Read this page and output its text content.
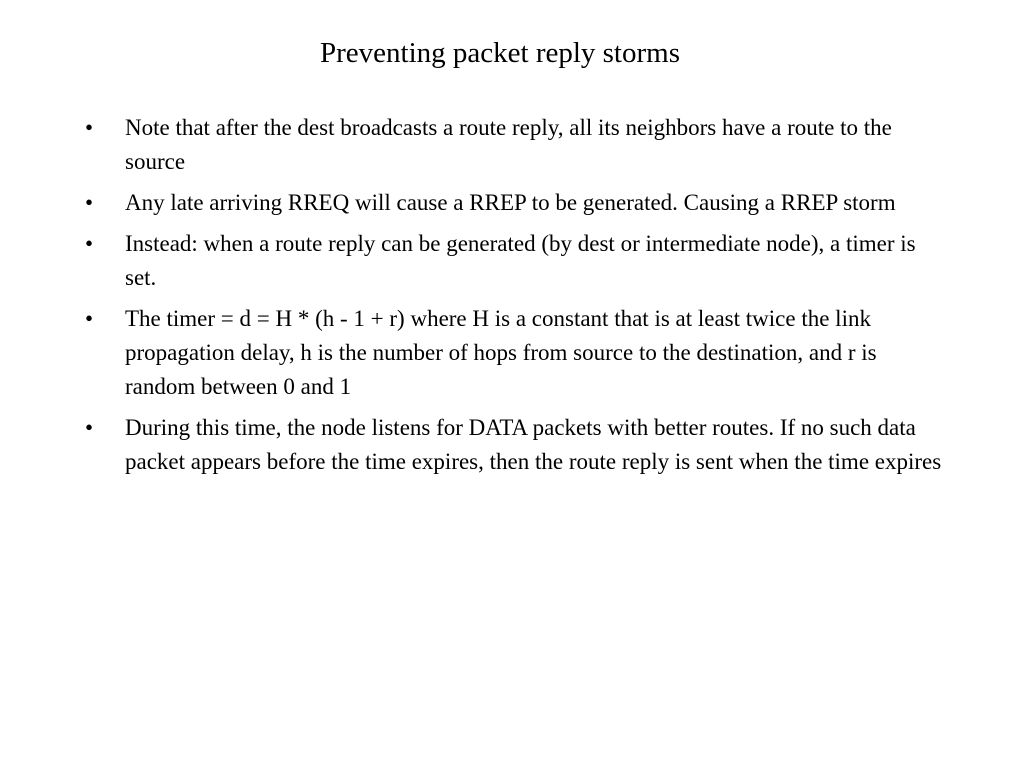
Preventing packet reply storms
•	Note that after the dest broadcasts a route reply, all its neighbors have a route to the source
•	Any late arriving RREQ will cause a RREP to be generated. Causing a RREP storm
•	Instead: when a route reply can be generated (by dest or intermediate node), a timer is set.
•	The timer = d = H * (h - 1 + r) where H is a constant that is at least twice the link propagation delay, h is the number of hops from source to the destination, and r is random between 0 and 1
•	During this time, the node listens for DATA packets with better routes. If no such data packet appears before the time expires, then the route reply is sent when the time expires
